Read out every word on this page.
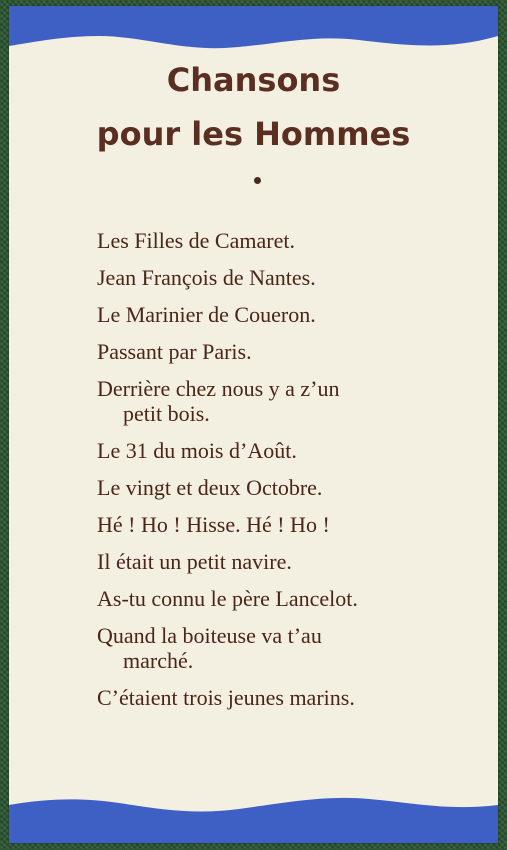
Chansons
pour les Hommes
Les Filles de Camaret.
Jean François de Nantes.
Le Marinier de Coueron.
Passant par Paris.
Derrière chez nous y a z’un
petit bois.
Le 31 du mois d’Août.
Le vingt et deux Octobre.
Hé ! Ho ! Hisse. Hé ! Ho !
Il était un petit navire.
As-tu connu le père Lancelot.
Quand la boiteuse va t’au
marché.
C’étaient trois jeunes marins.
